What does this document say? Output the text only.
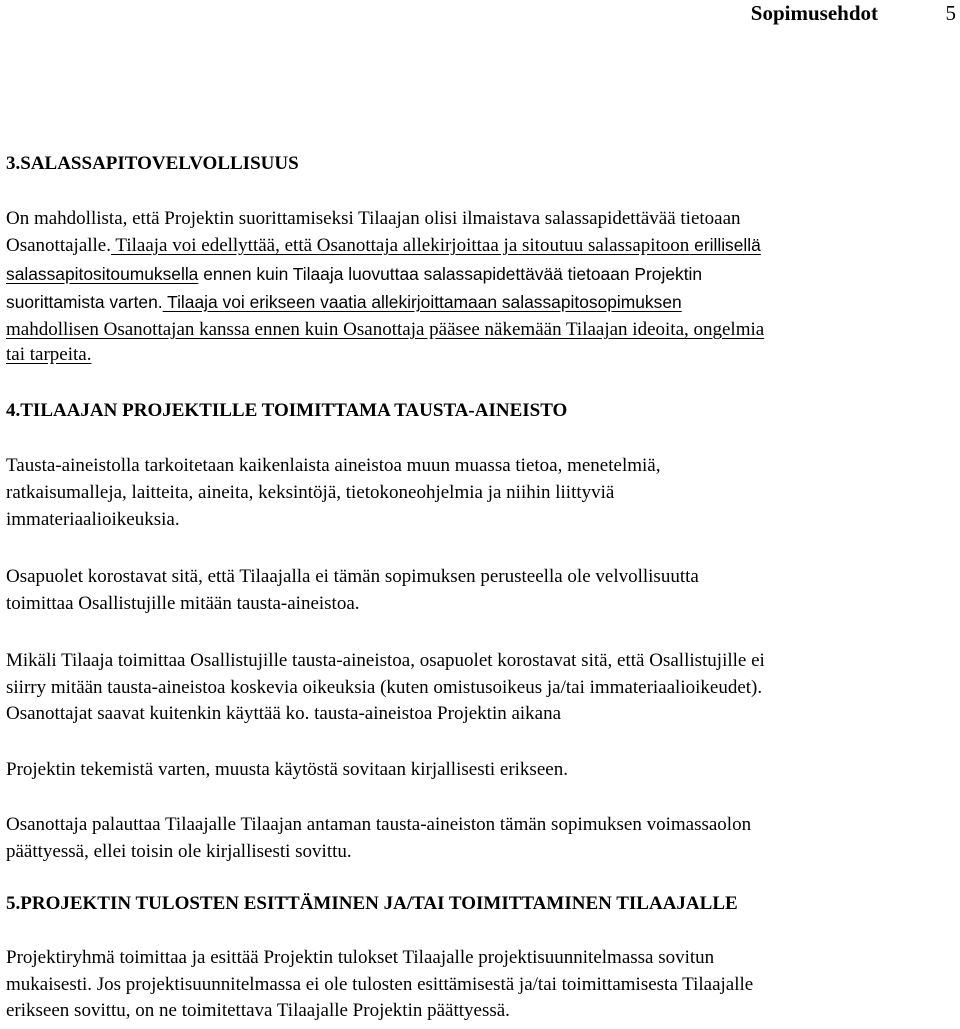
Sopimusehdot	5
3.SALASSAPITOVELVOLLISUUS
On mahdollista, että Projektin suorittamiseksi Tilaajan olisi ilmaistava salassapidettävää tietoaan
Osanottajalle. Tilaaja voi edellyttää, että Osanottaja allekirjoittaa ja sitoutuu salassapitoon erillisellä
salassapitositoumuksella ennen kuin Tilaaja luovuttaa salassapidettävää tietoaan Projektin
suorittamista varten. Tilaaja voi erikseen vaatia allekirjoittamaan salassapitosopimuksen
mahdollisen Osanottajan kanssa ennen kuin Osanottaja pääsee näkemään Tilaajan ideoita, ongelmia
tai tarpeita.
4.TILAAJAN PROJEKTILLE TOIMITTAMA TAUSTA-AINEISTO
Tausta-aineistolla tarkoitetaan kaikenlaista aineistoa muun muassa tietoa, menetelmiä,
ratkaisumalleja, laitteita, aineita, keksintöjä, tietokoneohjelmia ja niihin liittyviä
immateriaalioikeuksia.
Osapuolet korostavat sitä, että Tilaajalla ei tämän sopimuksen perusteella ole velvollisuutta
toimittaa Osallistujille mitään tausta-aineistoa.
Mikäli Tilaaja toimittaa Osallistujille tausta-aineistoa, osapuolet korostavat sitä, että Osallistujille ei
siirry mitään tausta-aineistoa koskevia oikeuksia (kuten omistusoikeus ja/tai immateriaalioikeudet).
Osanottajat saavat kuitenkin käyttää ko. tausta-aineistoa Projektin aikana
Projektin tekemistä varten, muusta käytöstä sovitaan kirjallisesti erikseen.
Osanottaja palauttaa Tilaajalle Tilaajan antaman tausta-aineiston tämän sopimuksen voimassaolon
päättyessä, ellei toisin ole kirjallisesti sovittu.
5.PROJEKTIN TULOSTEN ESITTÄMINEN JA/TAI TOIMITTAMINEN TILAAJALLE
Projektiryhmä toimittaa ja esittää Projektin tulokset Tilaajalle projektisuunnitelmassa sovitun
mukaisesti. Jos projektisuunnitelmassa ei ole tulosten esittämisestä ja/tai toimittamisesta Tilaajalle
erikseen sovittu, on ne toimitettava Tilaajalle Projektin päättyessä.
